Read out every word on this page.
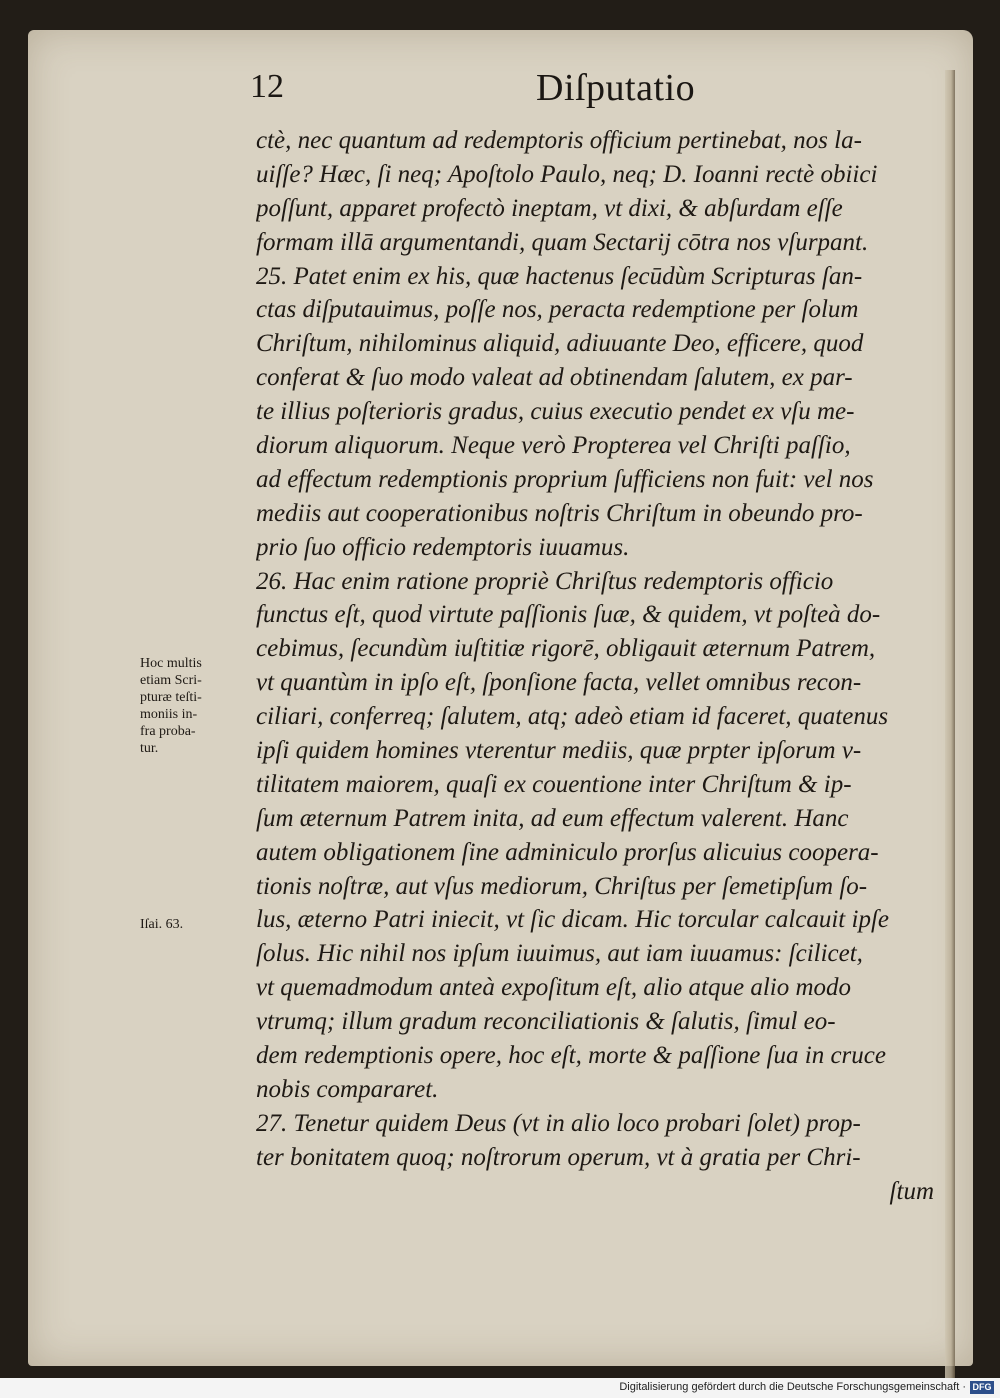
12	Diſputatio
ctè, nec quantum ad redemptoris officium pertinebat, nos la-
uiſſe? Hæc, ſi neq; Apoſtolo Paulo, neq; D. Ioanni rectè obiici
poſſunt, apparet profectò ineptam, vt dixi, & abſurdam eſſe
formam illā argumentandi, quam Sectarij cōtra nos vſurpant.
25. Patet enim ex his, quæ hactenus ſecūdùm Scripturas ſan-
ctas diſputauimus, poſſe nos, peracta redemptione per ſolum
Chriſtum, nihilominus aliquid, adiuuante Deo, efficere, quod
conferat & ſuo modo valeat ad obtinendam ſalutem, ex par-
te illius poſterioris gradus, cuius executio pendet ex vſu me-
diorum aliquorum. Neque verò Propterea vel Chriſti paſſio,
ad effectum redemptionis proprium ſufficiens non fuit: vel nos
mediis aut cooperationibus noſtris Chriſtum in obeundo pro-
prio ſuo officio redemptoris iuuamus.
26. Hac enim ratione propriè Chriſtus redemptoris officio
functus eſt, quod virtute paſſionis ſuæ, & quidem, vt poſteà do-
cebimus, ſecundùm iuſtitiæ rigorē, obligauit æternum Patrem,
vt quantùm in ipſo eſt, ſponſione facta, vellet omnibus recon-
ciliari, conferreq; ſalutem, atq; adeò etiam id faceret, quatenus
ipſi quidem homines vterentur mediis, quæ prpter ipſorum v-
tilitatem maiorem, quaſi ex couentione inter Chriſtum & ip-
ſum æternum Patrem inita, ad eum effectum valerent. Hanc
autem obligationem ſine adminiculo prorſus alicuius coopera-
tionis noſtræ, aut vſus mediorum, Chriſtus per ſemetipſum ſo-
lus, æterno Patri iniecit, vt ſic dicam. Hic torcular calcauit ipſe
ſolus. Hic nihil nos ipſum iuuimus, aut iam iuuamus: ſcilicet,
vt quemadmodum anteà expoſitum eſt, alio atque alio modo
vtrumq; illum gradum reconciliationis & ſalutis, ſimul eo-
dem redemptionis opere, hoc eſt, morte & paſſione ſua in cruce
nobis compararet.
27. Tenetur quidem Deus (vt in alio loco probari ſolet) prop-
ter bonitatem quoq; noſtrorum operum, vt à gratia per Chri-
ſtum
Hoc multis
etiam Scri-
pturæ teſti-
moniis in-
fra proba-
tur.
Iſai. 63.
Digitalisierung gefördert durch die Deutsche Forschungsgemeinschaft · DFG
